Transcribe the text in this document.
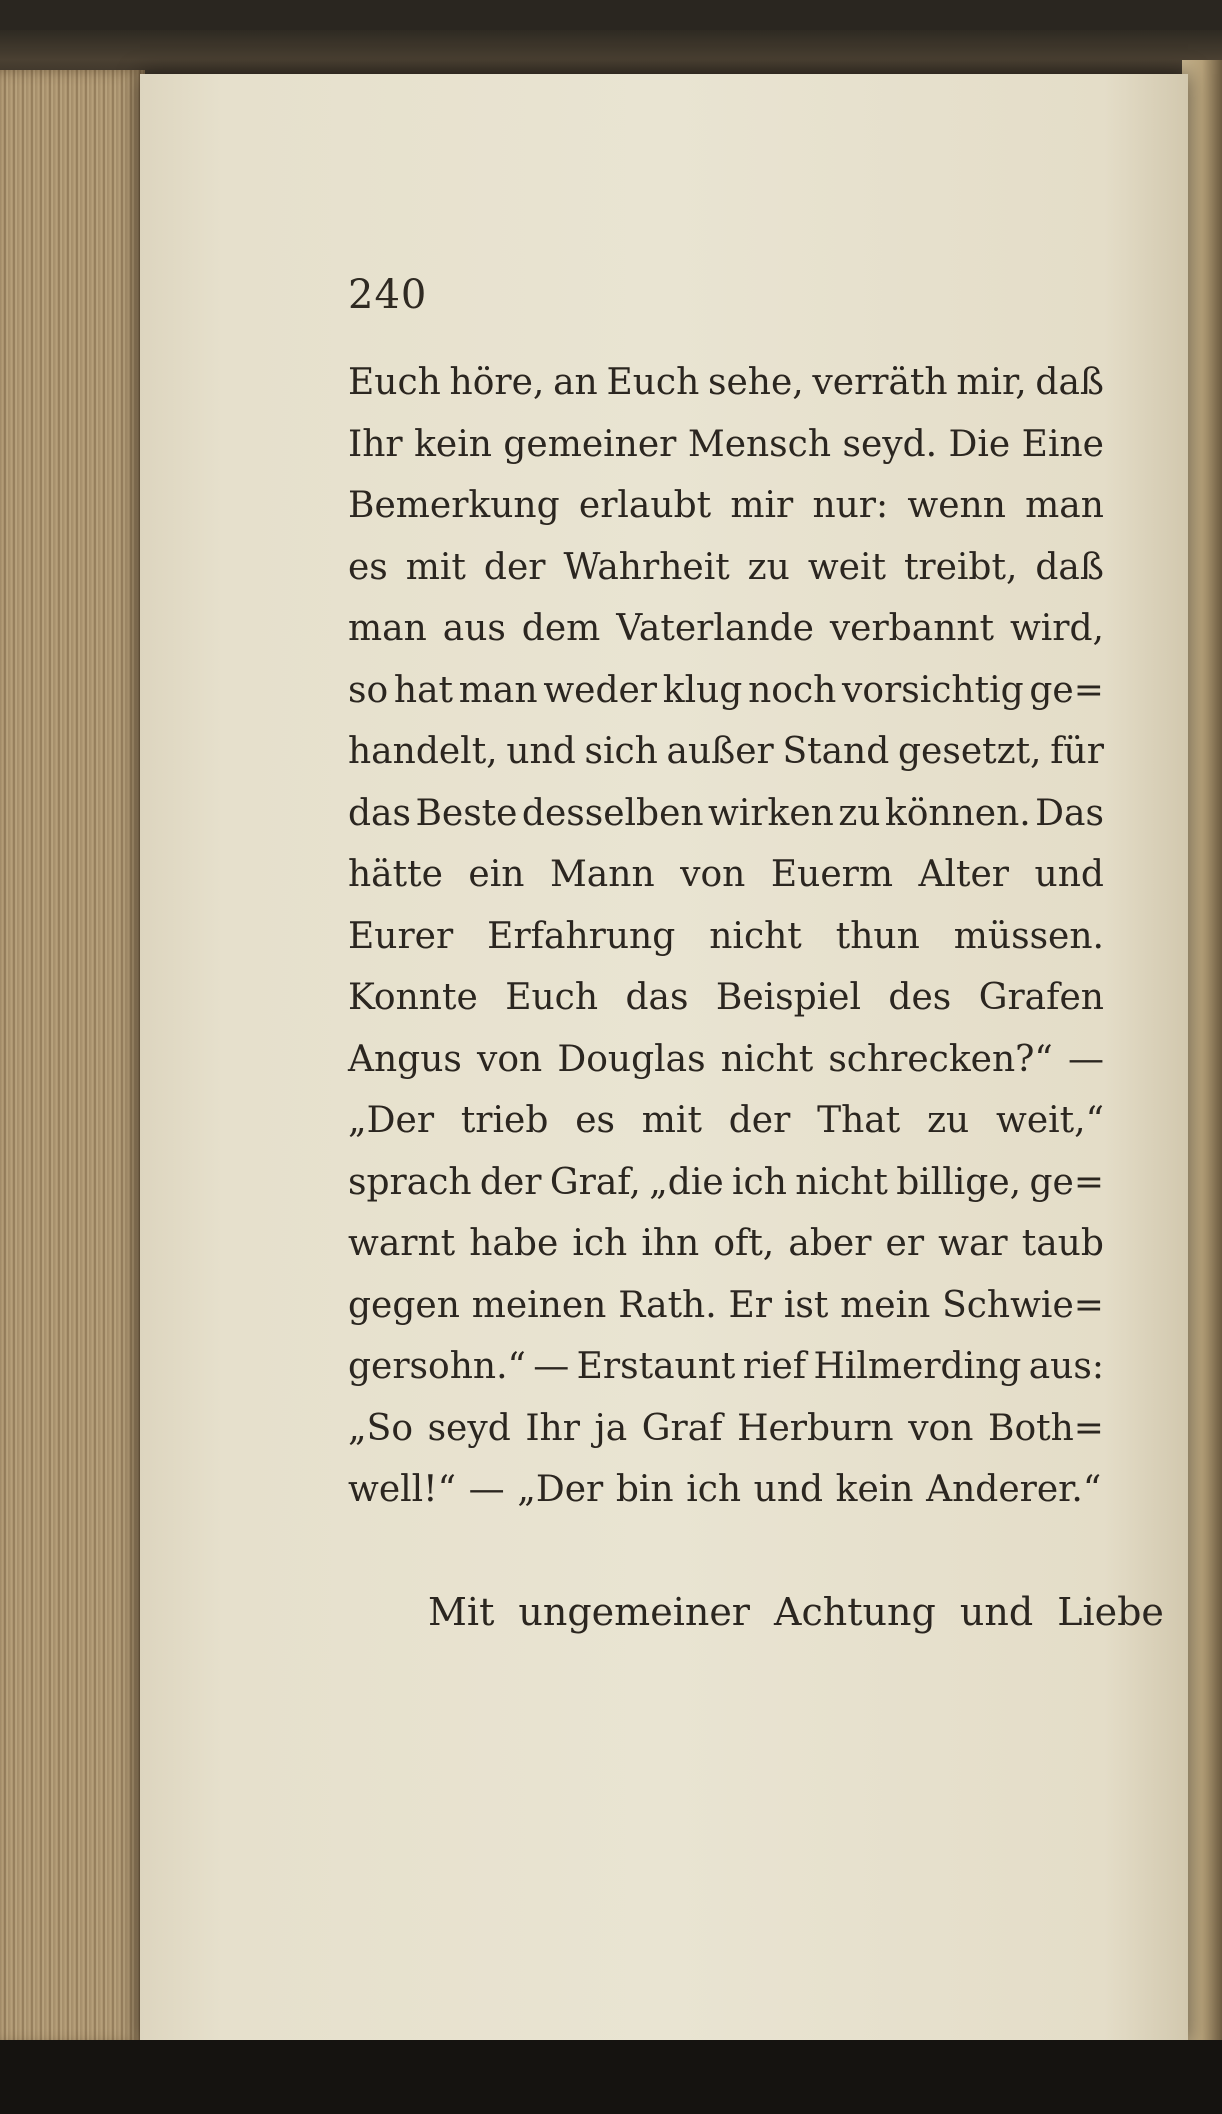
240
Euch höre, an Euch sehe, verräth mir, daß
Ihr kein gemeiner Mensch seyd. Die Eine
Bemerkung erlaubt mir nur: wenn man
es mit der Wahrheit zu weit treibt, daß
man aus dem Vaterlande verbannt wird,
so hat man weder klug noch vorsichtig ge=
handelt, und sich außer Stand gesetzt, für
das Beste desselben wirken zu können. Das
hätte ein Mann von Euerm Alter und
Eurer Erfahrung nicht thun müssen.
Konnte Euch das Beispiel des Grafen
Angus von Douglas nicht schrecken?“ —
„Der trieb es mit der That zu weit,“
sprach der Graf, „die ich nicht billige, ge=
warnt habe ich ihn oft, aber er war taub
gegen meinen Rath. Er ist mein Schwie=
gersohn.“ — Erstaunt rief Hilmerding aus:
„So seyd Ihr ja Graf Herburn von Both=
well!“ — „Der bin ich und kein Anderer.“
Mit ungemeiner Achtung und Liebe
